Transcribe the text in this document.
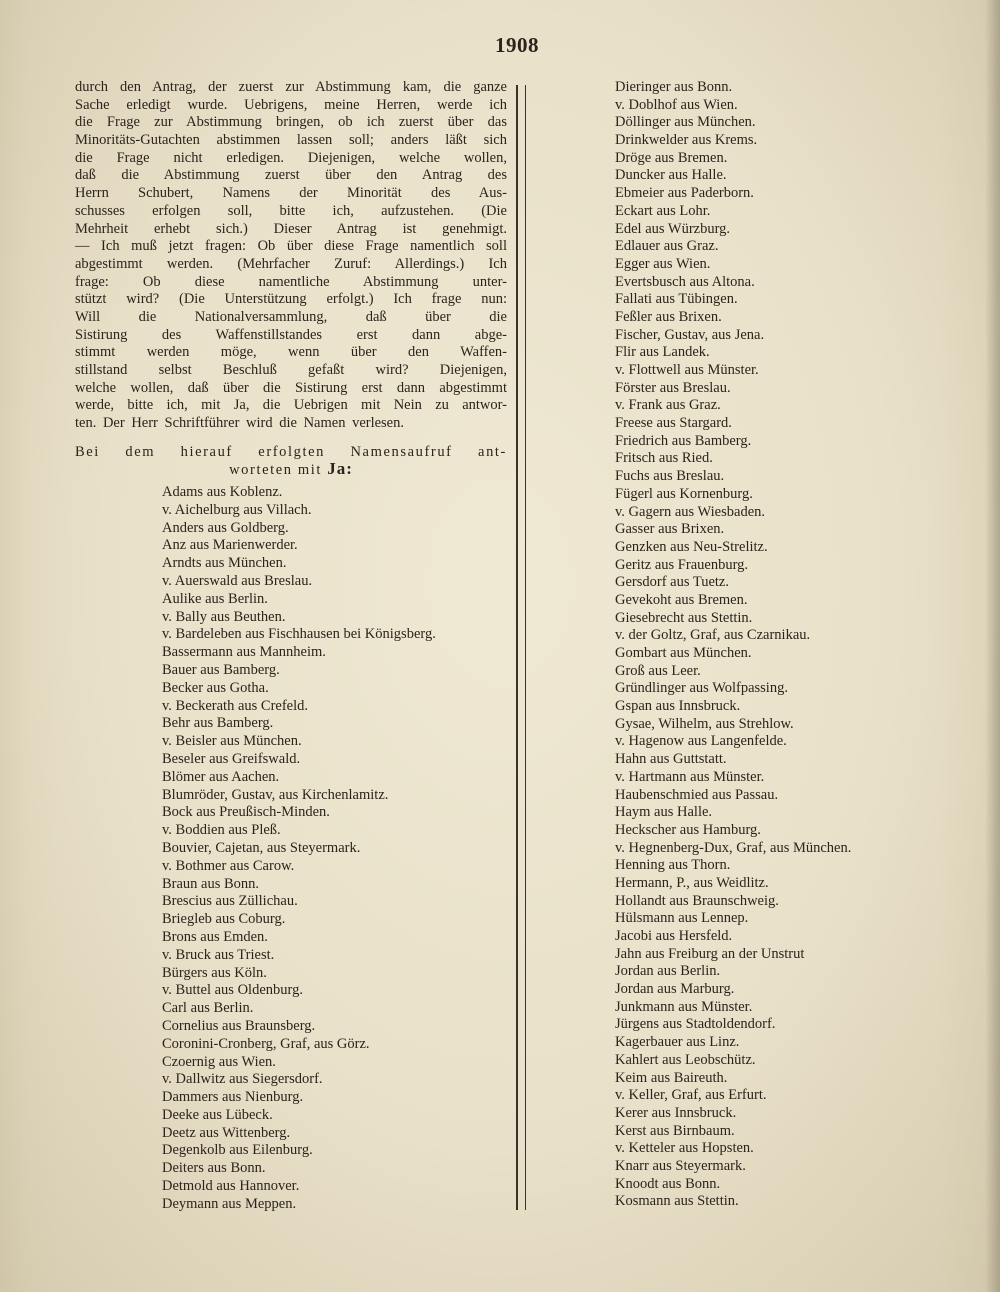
1908
durch den Antrag, der zuerst zur Abstimmung kam, die ganze
Sache erledigt wurde. Uebrigens, meine Herren, werde ich
die Frage zur Abstimmung bringen, ob ich zuerst über das
Minoritäts-Gutachten abstimmen lassen soll; anders läßt sich
die Frage nicht erledigen. Diejenigen, welche wollen,
daß die Abstimmung zuerst über den Antrag des
Herrn Schubert, Namens der Minorität des Aus-
schusses erfolgen soll, bitte ich, aufzustehen. (Die
Mehrheit erhebt sich.) Dieser Antrag ist genehmigt.
— Ich muß jetzt fragen: Ob über diese Frage namentlich soll
abgestimmt werden. (Mehrfacher Zuruf: Allerdings.) Ich
frage: Ob diese namentliche Abstimmung unter-
stützt wird? (Die Unterstützung erfolgt.) Ich frage nun:
Will die Nationalversammlung, daß über die
Sistirung des Waffenstillstandes erst dann abge-
stimmt werden möge, wenn über den Waffen-
stillstand selbst Beschluß gefaßt wird? Diejenigen,
welche wollen, daß über die Sistirung erst dann abgestimmt
werde, bitte ich, mit Ja, die Uebrigen mit Nein zu antwor-
ten. Der Herr Schriftführer wird die Namen verlesen.
Bei dem hierauf erfolgten Namensaufruf ant-
worteten mit Ja:
Adams aus Koblenz.
v. Aichelburg aus Villach.
Anders aus Goldberg.
Anz aus Marienwerder.
Arndts aus München.
v. Auerswald aus Breslau.
Aulike aus Berlin.
v. Bally aus Beuthen.
v. Bardeleben aus Fischhausen bei Königsberg.
Bassermann aus Mannheim.
Bauer aus Bamberg.
Becker aus Gotha.
v. Beckerath aus Crefeld.
Behr aus Bamberg.
v. Beisler aus München.
Beseler aus Greifswald.
Blömer aus Aachen.
Blumröder, Gustav, aus Kirchenlamitz.
Bock aus Preußisch-Minden.
v. Boddien aus Pleß.
Bouvier, Cajetan, aus Steyermark.
v. Bothmer aus Carow.
Braun aus Bonn.
Brescius aus Züllichau.
Briegleb aus Coburg.
Brons aus Emden.
v. Bruck aus Triest.
Bürgers aus Köln.
v. Buttel aus Oldenburg.
Carl aus Berlin.
Cornelius aus Braunsberg.
Coronini-Cronberg, Graf, aus Görz.
Czoernig aus Wien.
v. Dallwitz aus Siegersdorf.
Dammers aus Nienburg.
Deeke aus Lübeck.
Deetz aus Wittenberg.
Degenkolb aus Eilenburg.
Deiters aus Bonn.
Detmold aus Hannover.
Deymann aus Meppen.
Dieringer aus Bonn.
v. Doblhof aus Wien.
Döllinger aus München.
Drinkwelder aus Krems.
Dröge aus Bremen.
Duncker aus Halle.
Ebmeier aus Paderborn.
Eckart aus Lohr.
Edel aus Würzburg.
Edlauer aus Graz.
Egger aus Wien.
Evertsbusch aus Altona.
Fallati aus Tübingen.
Feßler aus Brixen.
Fischer, Gustav, aus Jena.
Flir aus Landek.
v. Flottwell aus Münster.
Förster aus Breslau.
v. Frank aus Graz.
Freese aus Stargard.
Friedrich aus Bamberg.
Fritsch aus Ried.
Fuchs aus Breslau.
Fügerl aus Kornenburg.
v. Gagern aus Wiesbaden.
Gasser aus Brixen.
Genzken aus Neu-Strelitz.
Geritz aus Frauenburg.
Gersdorf aus Tuetz.
Gevekoht aus Bremen.
Giesebrecht aus Stettin.
v. der Goltz, Graf, aus Czarnikau.
Gombart aus München.
Groß aus Leer.
Gründlinger aus Wolfpassing.
Gspan aus Innsbruck.
Gysae, Wilhelm, aus Strehlow.
v. Hagenow aus Langenfelde.
Hahn aus Guttstatt.
v. Hartmann aus Münster.
Haubenschmied aus Passau.
Haym aus Halle.
Heckscher aus Hamburg.
v. Hegnenberg-Dux, Graf, aus München.
Henning aus Thorn.
Hermann, P., aus Weidlitz.
Hollandt aus Braunschweig.
Hülsmann aus Lennep.
Jacobi aus Hersfeld.
Jahn aus Freiburg an der Unstrut
Jordan aus Berlin.
Jordan aus Marburg.
Junkmann aus Münster.
Jürgens aus Stadtoldendorf.
Kagerbauer aus Linz.
Kahlert aus Leobschütz.
Keim aus Baireuth.
v. Keller, Graf, aus Erfurt.
Kerer aus Innsbruck.
Kerst aus Birnbaum.
v. Ketteler aus Hopsten.
Knarr aus Steyermark.
Knoodt aus Bonn.
Kosmann aus Stettin.
